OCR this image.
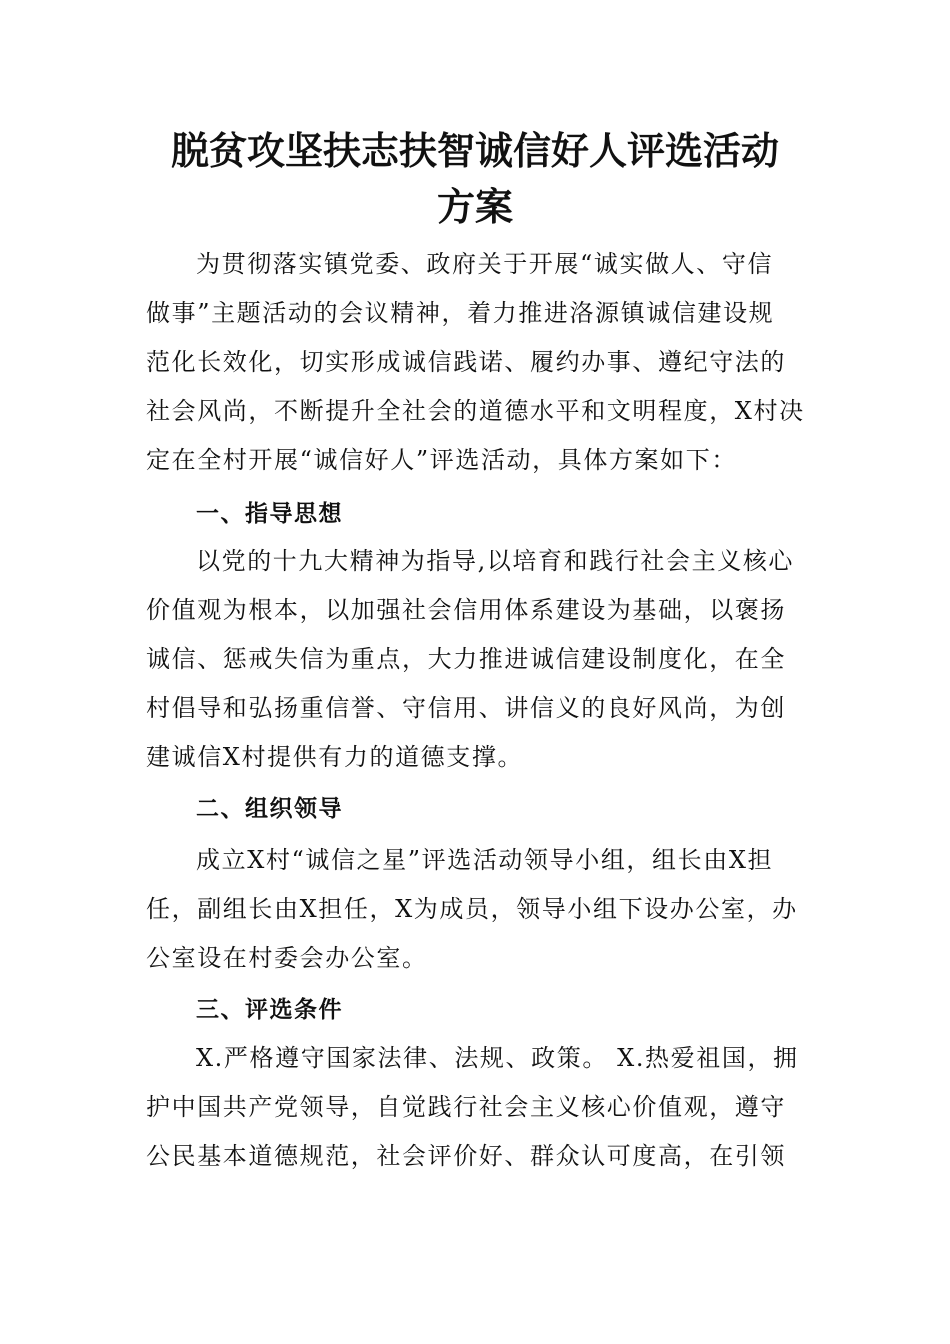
脱贫攻坚扶志扶智诚信好人评选活动
方案
为贯彻落实镇党委、政府关于开展“诚实做人、守信
做事”主题活动的会议精神，着力推进洛源镇诚信建设规
范化长效化，切实形成诚信践诺、履约办事、遵纪守法的
社会风尚，不断提升全社会的道德水平和文明程度，X村决
定在全村开展“诚信好人”评选活动，具体方案如下：
一、指导思想
以党的十九大精神为指导,以培育和践行社会主义核心
价值观为根本，以加强社会信用体系建设为基础，以褒扬
诚信、惩戒失信为重点，大力推进诚信建设制度化，在全
村倡导和弘扬重信誉、守信用、讲信义的良好风尚，为创
建诚信X村提供有力的道德支撑。
二、组织领导
成立X村“诚信之星”评选活动领导小组，组长由X担
任，副组长由X担任，X为成员，领导小组下设办公室，办
公室设在村委会办公室。
三、评选条件
X.严格遵守国家法律、法规、政策。 X.热爱祖国，拥
护中国共产党领导，自觉践行社会主义核心价值观，遵守
公民基本道德规范，社会评价好、群众认可度高，在引领
